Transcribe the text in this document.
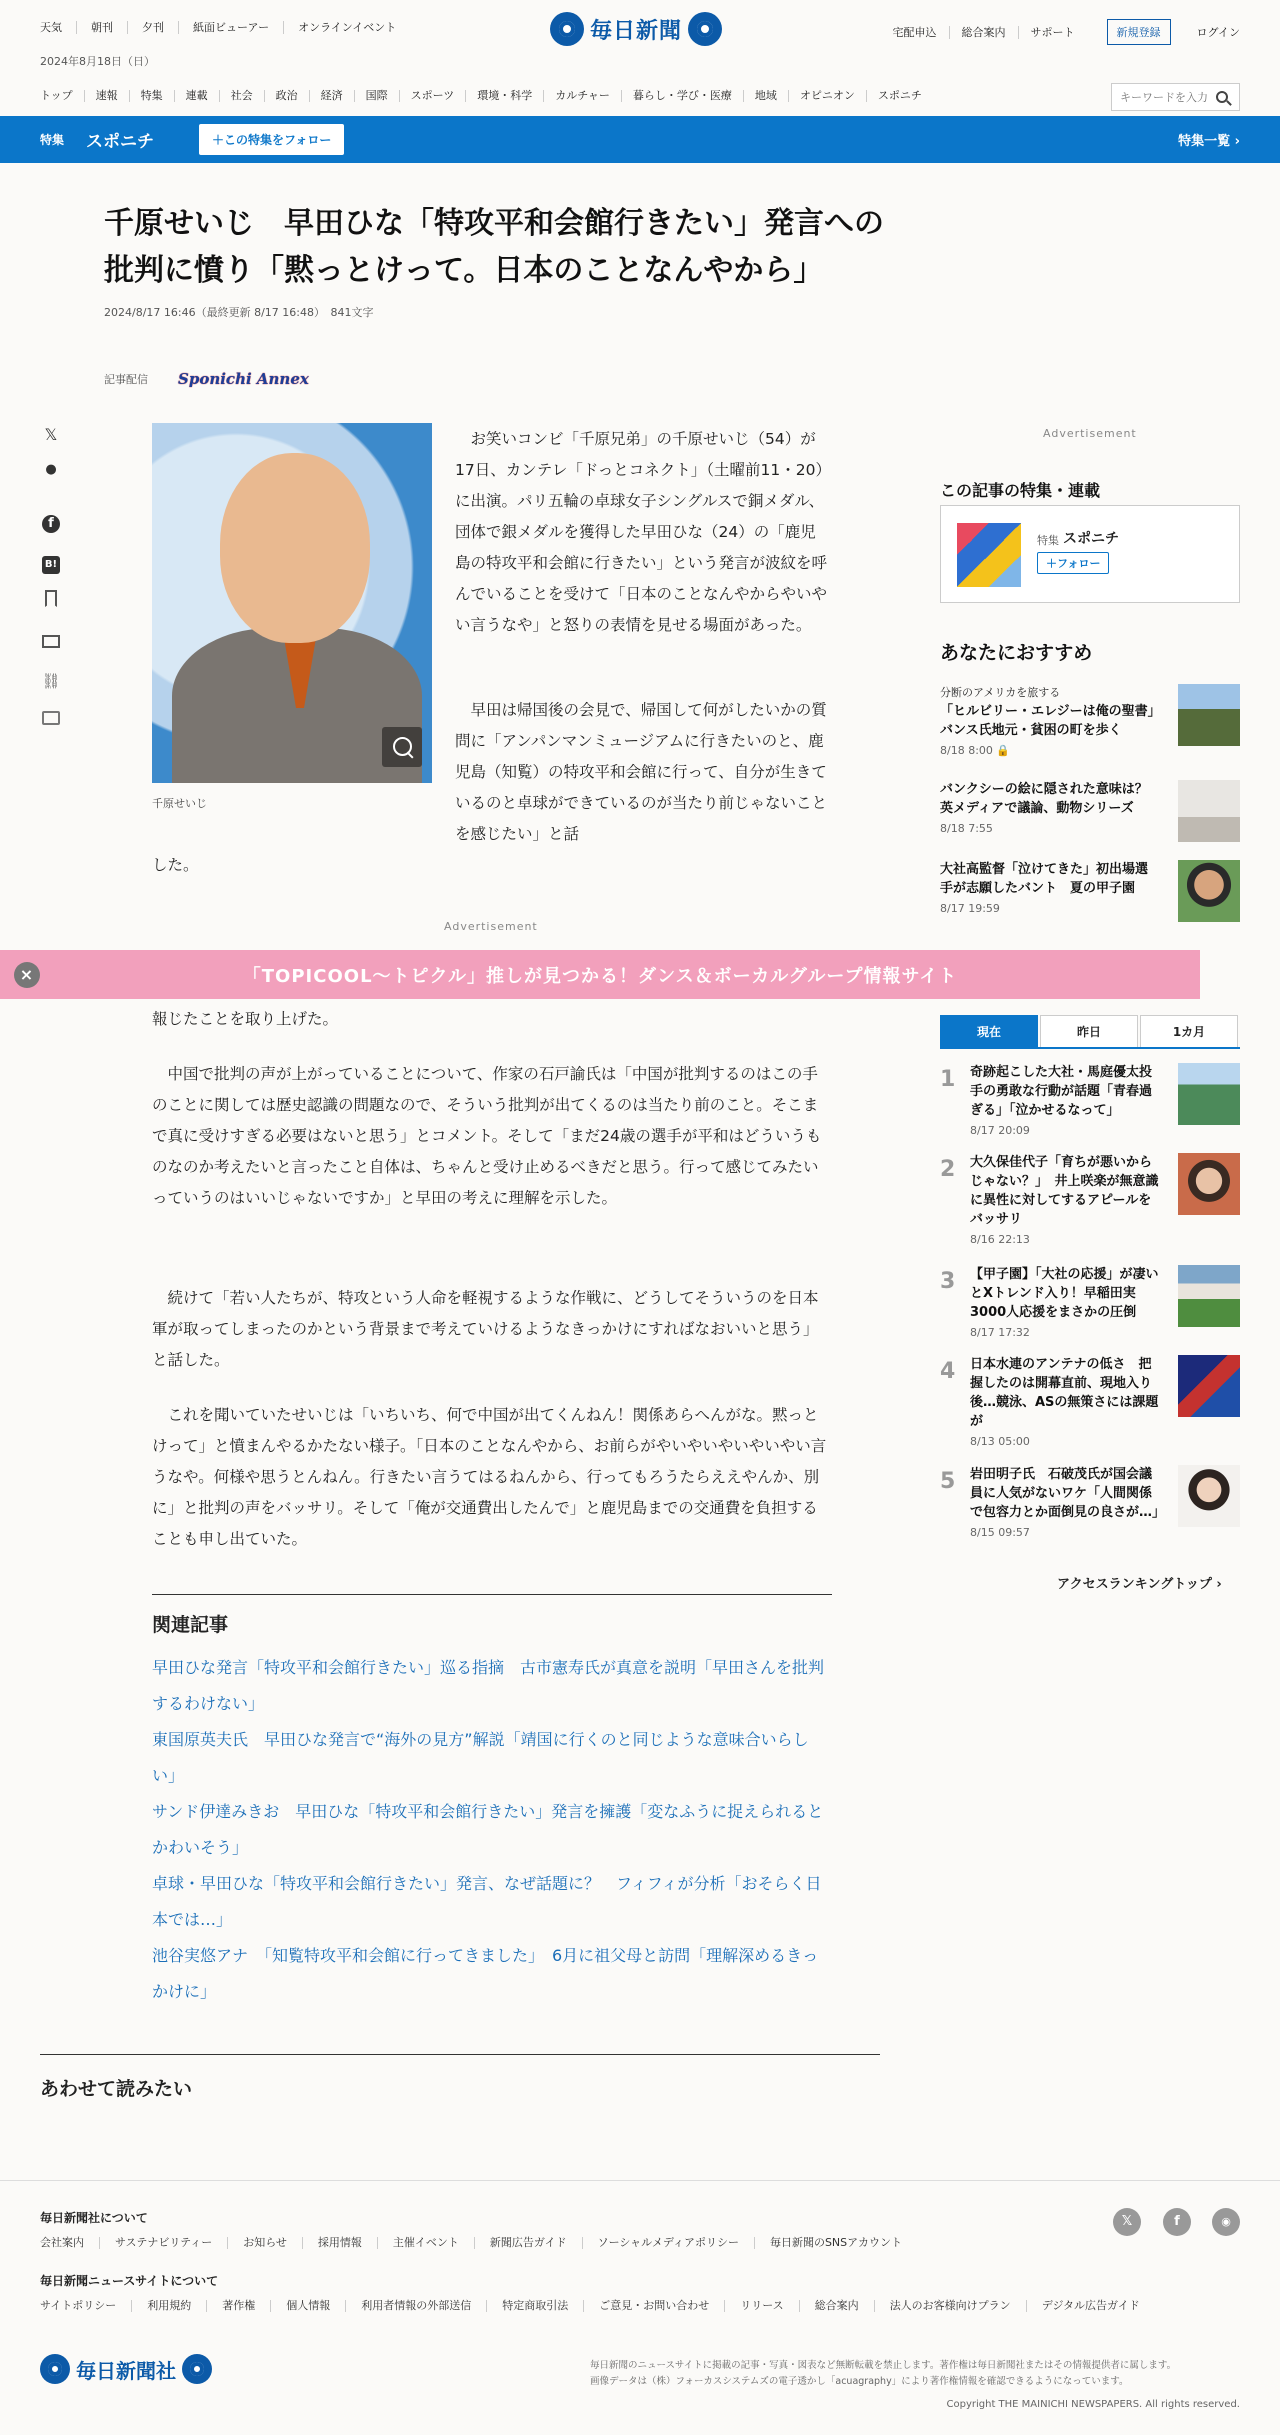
天気	朝刊	夕刊	紙面ビューアー	オンラインイベント
2024年8月18日（日）
毎日新聞	宅配申込	総合案内	サポート	新規登録	ログイン
トップ	速報	特集	連載	社会	政治	経済	国際	スポーツ	環境・科学	カルチャー	暮らし・学び・医療	地域	オピニオン	スポニチ
キーワードを入力
特集 スポニチ	＋この特集をフォロー	特集一覧 ›
千原せいじ　早田ひな「特攻平和会館行きたい」発言への批判に憤り「黙っとけって。日本のことなんやから」
2024/8/17 16:46（最終更新 8/17 16:48）　841文字
記事配信 Sponichi Annex
𝕏
●
f
B!
⛓
千原せいじ
お笑いコンビ「千原兄弟」の千原せいじ（54）が17日、カンテレ「ドっとコネクト」（土曜前11・20）に出演。パリ五輪の卓球女子シングルスで銅メダル、団体で銀メダルを獲得した早田ひな（24）の「鹿児島の特攻平和会館に行きたい」という発言が波紋を呼んでいることを受けて「日本のことなんやからやいやい言うなや」と怒りの表情を見せる場面があった。
早田は帰国後の会見で、帰国して何がしたいかの質問に「アンパンマンミュージアムに行きたいのと、鹿児島（知覧）の特攻平和会館に行って、自分が生きているのと卓球ができているのが当たり前じゃないことを感じたい」と話
した。
Advertisement
×	「TOPICOOL〜トピクル」推しが見つかる！ダンス＆ボーカルグループ情報サイト
報じたことを取り上げた。
中国で批判の声が上がっていることについて、作家の石戸諭氏は「中国が批判するのはこの手のことに関しては歴史認識の問題なので、そういう批判が出てくるのは当たり前のこと。そこまで真に受けすぎる必要はないと思う」とコメント。そして「まだ24歳の選手が平和はどういうものなのか考えたいと言ったこと自体は、ちゃんと受け止めるべきだと思う。行って感じてみたいっていうのはいいじゃないですか」と早田の考えに理解を示した。
続けて「若い人たちが、特攻という人命を軽視するような作戦に、どうしてそういうのを日本軍が取ってしまったのかという背景まで考えていけるようなきっかけにすればなおいいと思う」と話した。
これを聞いていたせいじは「いちいち、何で中国が出てくんねん！関係あらへんがな。黙っとけって」と憤まんやるかたない様子。「日本のことなんやから、お前らがやいやいやいやいやい言うなや。何様や思うとんねん。行きたい言うてはるねんから、行ってもろうたらええやんか、別に」と批判の声をバッサリ。そして「俺が交通費出したんで」と鹿児島までの交通費を負担することも申し出ていた。
関連記事
早田ひな発言「特攻平和会館行きたい」巡る指摘　古市憲寿氏が真意を説明「早田さんを批判するわけない」
東国原英夫氏　早田ひな発言で“海外の見方”解説「靖国に行くのと同じような意味合いらしい」
サンド伊達みきお　早田ひな「特攻平和会館行きたい」発言を擁護「変なふうに捉えられるとかわいそう」
卓球・早田ひな「特攻平和会館行きたい」発言、なぜ話題に？　フィフィが分析「おそらく日本では…」
池谷実悠アナ　「知覧特攻平和会館に行ってきました」　6月に祖父母と訪問「理解深めるきっかけに」
あわせて読みたい
Advertisement
この記事の特集・連載
特集 スポニチ
＋フォロー
あなたにおすすめ
分断のアメリカを旅する
「ヒルビリー・エレジーは俺の聖書」バンス氏地元・貧困の町を歩く
8/18 8:00 🔒
バンクシーの絵に隠された意味は？　英メディアで議論、動物シリーズ
8/18 7:55
大社高監督「泣けてきた」初出場選手が志願したバント　夏の甲子園
8/17 19:59
現在	昨日	1カ月
1 奇跡起こした大社・馬庭優太投手の勇敢な行動が話題「青春過ぎる」「泣かせるなって」
8/17 20:09
2 大久保佳代子「育ちが悪いからじゃない？」　井上咲楽が無意識に異性に対してするアピールをバッサリ
8/16 22:13
3 【甲子園】「大社の応援」が凄いとXトレンド入り！早稲田実3000人応援をまさかの圧倒
8/17 17:32
4 日本水連のアンテナの低さ　把握したのは開幕直前、現地入り後…競泳、ASの無策さには課題が
8/13 05:00
5 岩田明子氏　石破茂氏が国会議員に人気がないワケ「人間関係で包容力とか面倒見の良さが…」
8/15 09:57
アクセスランキングトップ ›
毎日新聞社について
会社案内	サステナビリティー	お知らせ	採用情報	主催イベント	新聞広告ガイド	ソーシャルメディアポリシー	毎日新聞のSNSアカウント
毎日新聞ニュースサイトについて
サイトポリシー	利用規約	著作権	個人情報	利用者情報の外部送信	特定商取引法	ご意見・お問い合わせ	リリース	総合案内	法人のお客様向けプラン	デジタル広告ガイド
𝕏	f	◉
毎日新聞社	毎日新聞のニュースサイトに掲載の記事・写真・図表など無断転載を禁止します。著作権は毎日新聞社またはその情報提供者に属します。
画像データは（株）フォーカスシステムズの電子透かし「acuagraphy」により著作権情報を確認できるようになっています。
Copyright THE MAINICHI NEWSPAPERS. All rights reserved.
